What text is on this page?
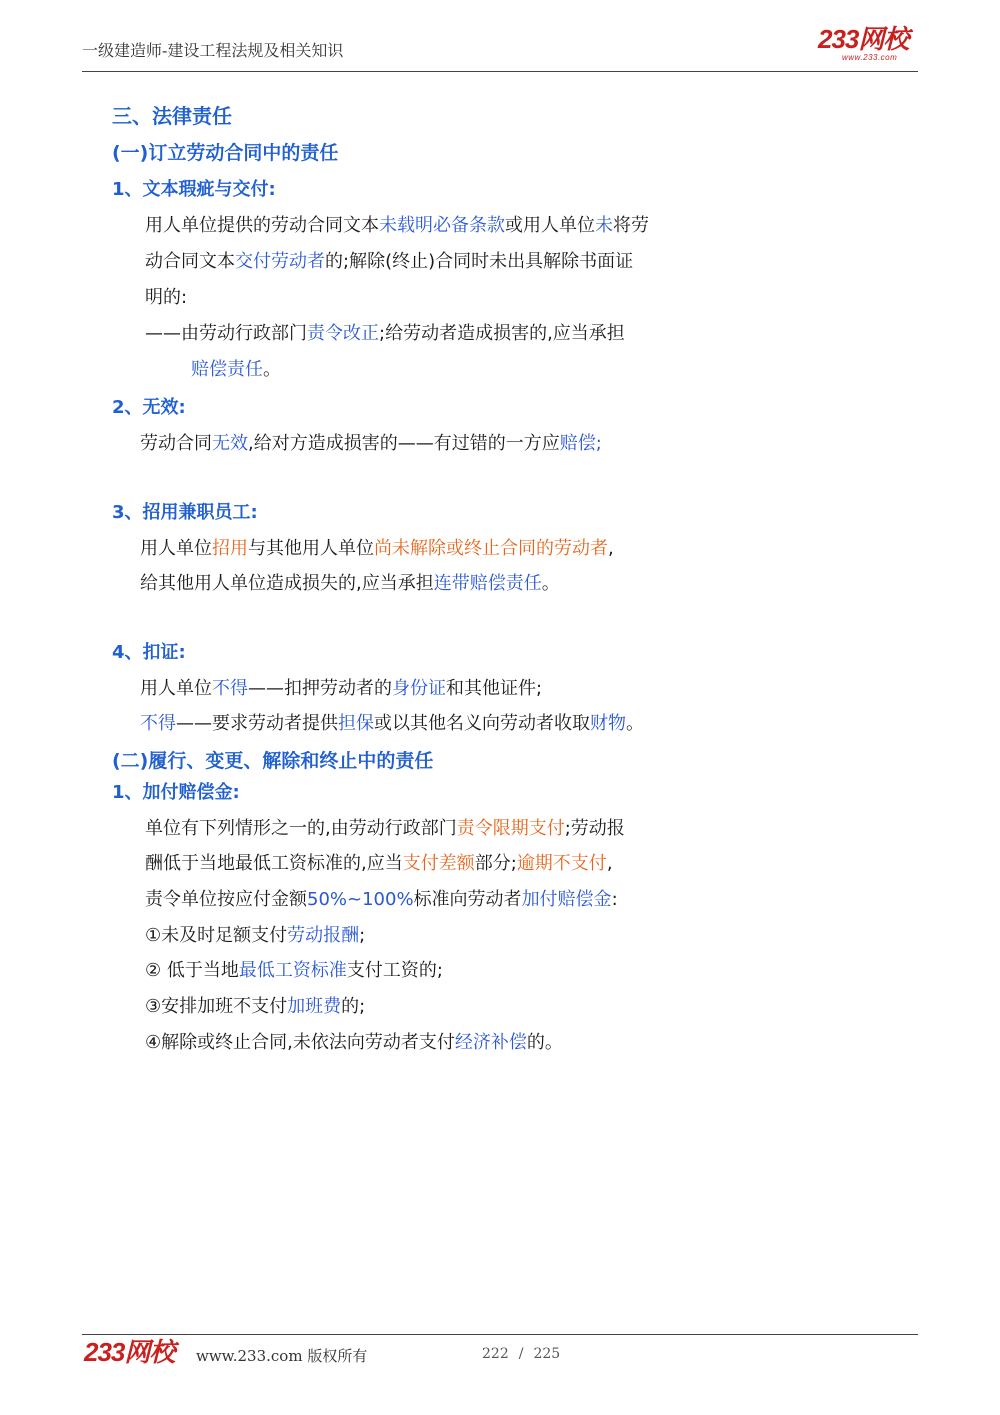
一级建造师-建设工程法规及相关知识	233网校
www.233.com
三、法律责任
(一)订立劳动合同中的责任
1、文本瑕疵与交付:
用人单位提供的劳动合同文本未载明必备条款或用人单位未将劳
动合同文本交付劳动者的;解除(终止)合同时未出具解除书面证
明的:
——由劳动行政部门责令改正;给劳动者造成损害的,应当承担
赔偿责任。
2、无效:
劳动合同无效,给对方造成损害的——有过错的一方应赔偿;
3、招用兼职员工:
用人单位招用与其他用人单位尚未解除或终止合同的劳动者,
给其他用人单位造成损失的,应当承担连带赔偿责任。
4、扣证:
用人单位不得——扣押劳动者的身份证和其他证件;
不得——要求劳动者提供担保或以其他名义向劳动者收取财物。
(二)履行、变更、解除和终止中的责任
1、加付赔偿金:
单位有下列情形之一的,由劳动行政部门责令限期支付;劳动报
酬低于当地最低工资标准的,应当支付差额部分;逾期不支付,
责令单位按应付金额50%~100%标准向劳动者加付赔偿金:
①未及时足额支付劳动报酬;
② 低于当地最低工资标准支付工资的;
③安排加班不支付加班费的;
④解除或终止合同,未依法向劳动者支付经济补偿的。
233网校 www.233.com 版权所有	222 / 225
